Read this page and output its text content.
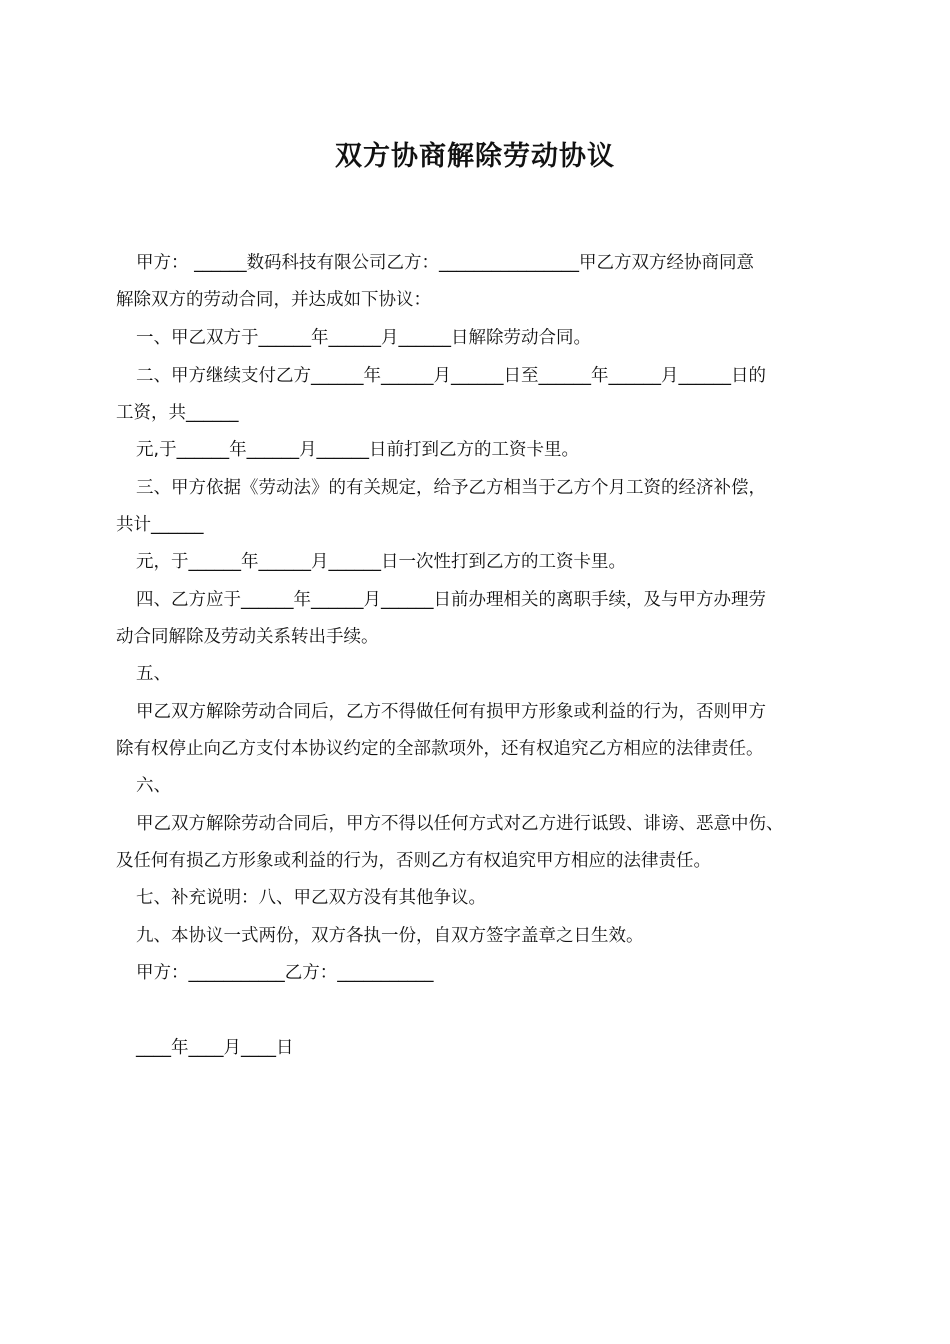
双方协商解除劳动协议
甲方： ______数码科技有限公司乙方：________________甲乙方双方经协商同意
解除双方的劳动合同，并达成如下协议：
一、甲乙双方于______年______月______日解除劳动合同。
二、甲方继续支付乙方______年______月______日至______年______月______日的
工资，共______
元,于______年______月______日前打到乙方的工资卡里。
三、甲方依据《劳动法》的有关规定，给予乙方相当于乙方个月工资的经济补偿，
共计______
元，于______年______月______日一次性打到乙方的工资卡里。
四、乙方应于______年______月______日前办理相关的离职手续，及与甲方办理劳
动合同解除及劳动关系转出手续。
五、
甲乙双方解除劳动合同后，乙方不得做任何有损甲方形象或利益的行为，否则甲方
除有权停止向乙方支付本协议约定的全部款项外，还有权追究乙方相应的法律责任。
六、
甲乙双方解除劳动合同后，甲方不得以任何方式对乙方进行诋毁、诽谤、恶意中伤、
及任何有损乙方形象或利益的行为，否则乙方有权追究甲方相应的法律责任。
七、补充说明：八、甲乙双方没有其他争议。
九、本协议一式两份，双方各执一份，自双方签字盖章之日生效。
甲方：___________乙方：___________
____年____月____日
